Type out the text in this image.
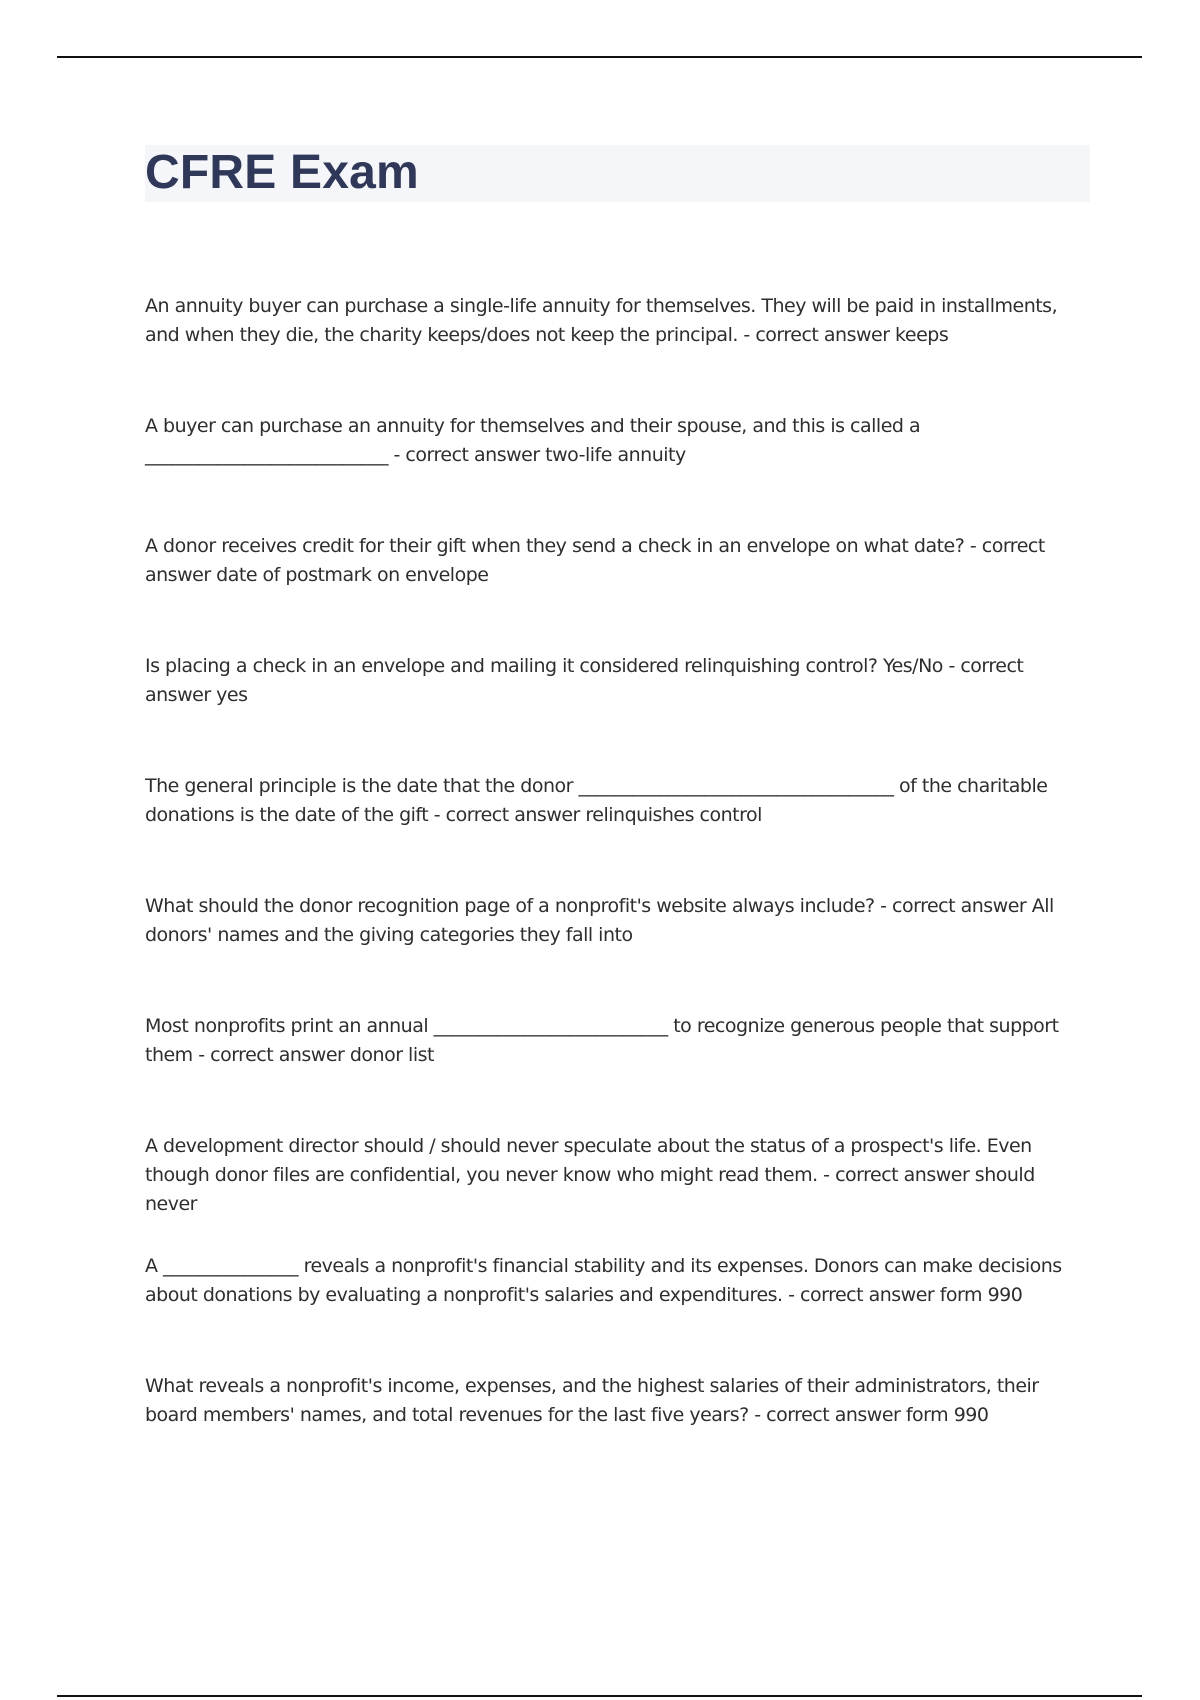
CFRE Exam

An annuity buyer can purchase a single-life annuity for themselves. They will be paid in installments, and when they die, the charity keeps/does not keep the principal. - correct answer keeps

A buyer can purchase an annuity for themselves and their spouse, and this is called a ___________________________ - correct answer two-life annuity

A donor receives credit for their gift when they send a check in an envelope on what date? - correct answer date of postmark on envelope

Is placing a check in an envelope and mailing it considered relinquishing control? Yes/No - correct answer yes

The general principle is the date that the donor ___________________________________ of the charitable donations is the date of the gift - correct answer relinquishes control

What should the donor recognition page of a nonprofit's website always include? - correct answer All donors' names and the giving categories they fall into

Most nonprofits print an annual __________________________ to recognize generous people that support them - correct answer donor list

A development director should / should never speculate about the status of a prospect's life. Even though donor files are confidential, you never know who might read them. - correct answer should never

A _______________ reveals a nonprofit's financial stability and its expenses. Donors can make decisions about donations by evaluating a nonprofit's salaries and expenditures. - correct answer form 990

What reveals a nonprofit's income, expenses, and the highest salaries of their administrators, their board members' names, and total revenues for the last five years? - correct answer form 990
